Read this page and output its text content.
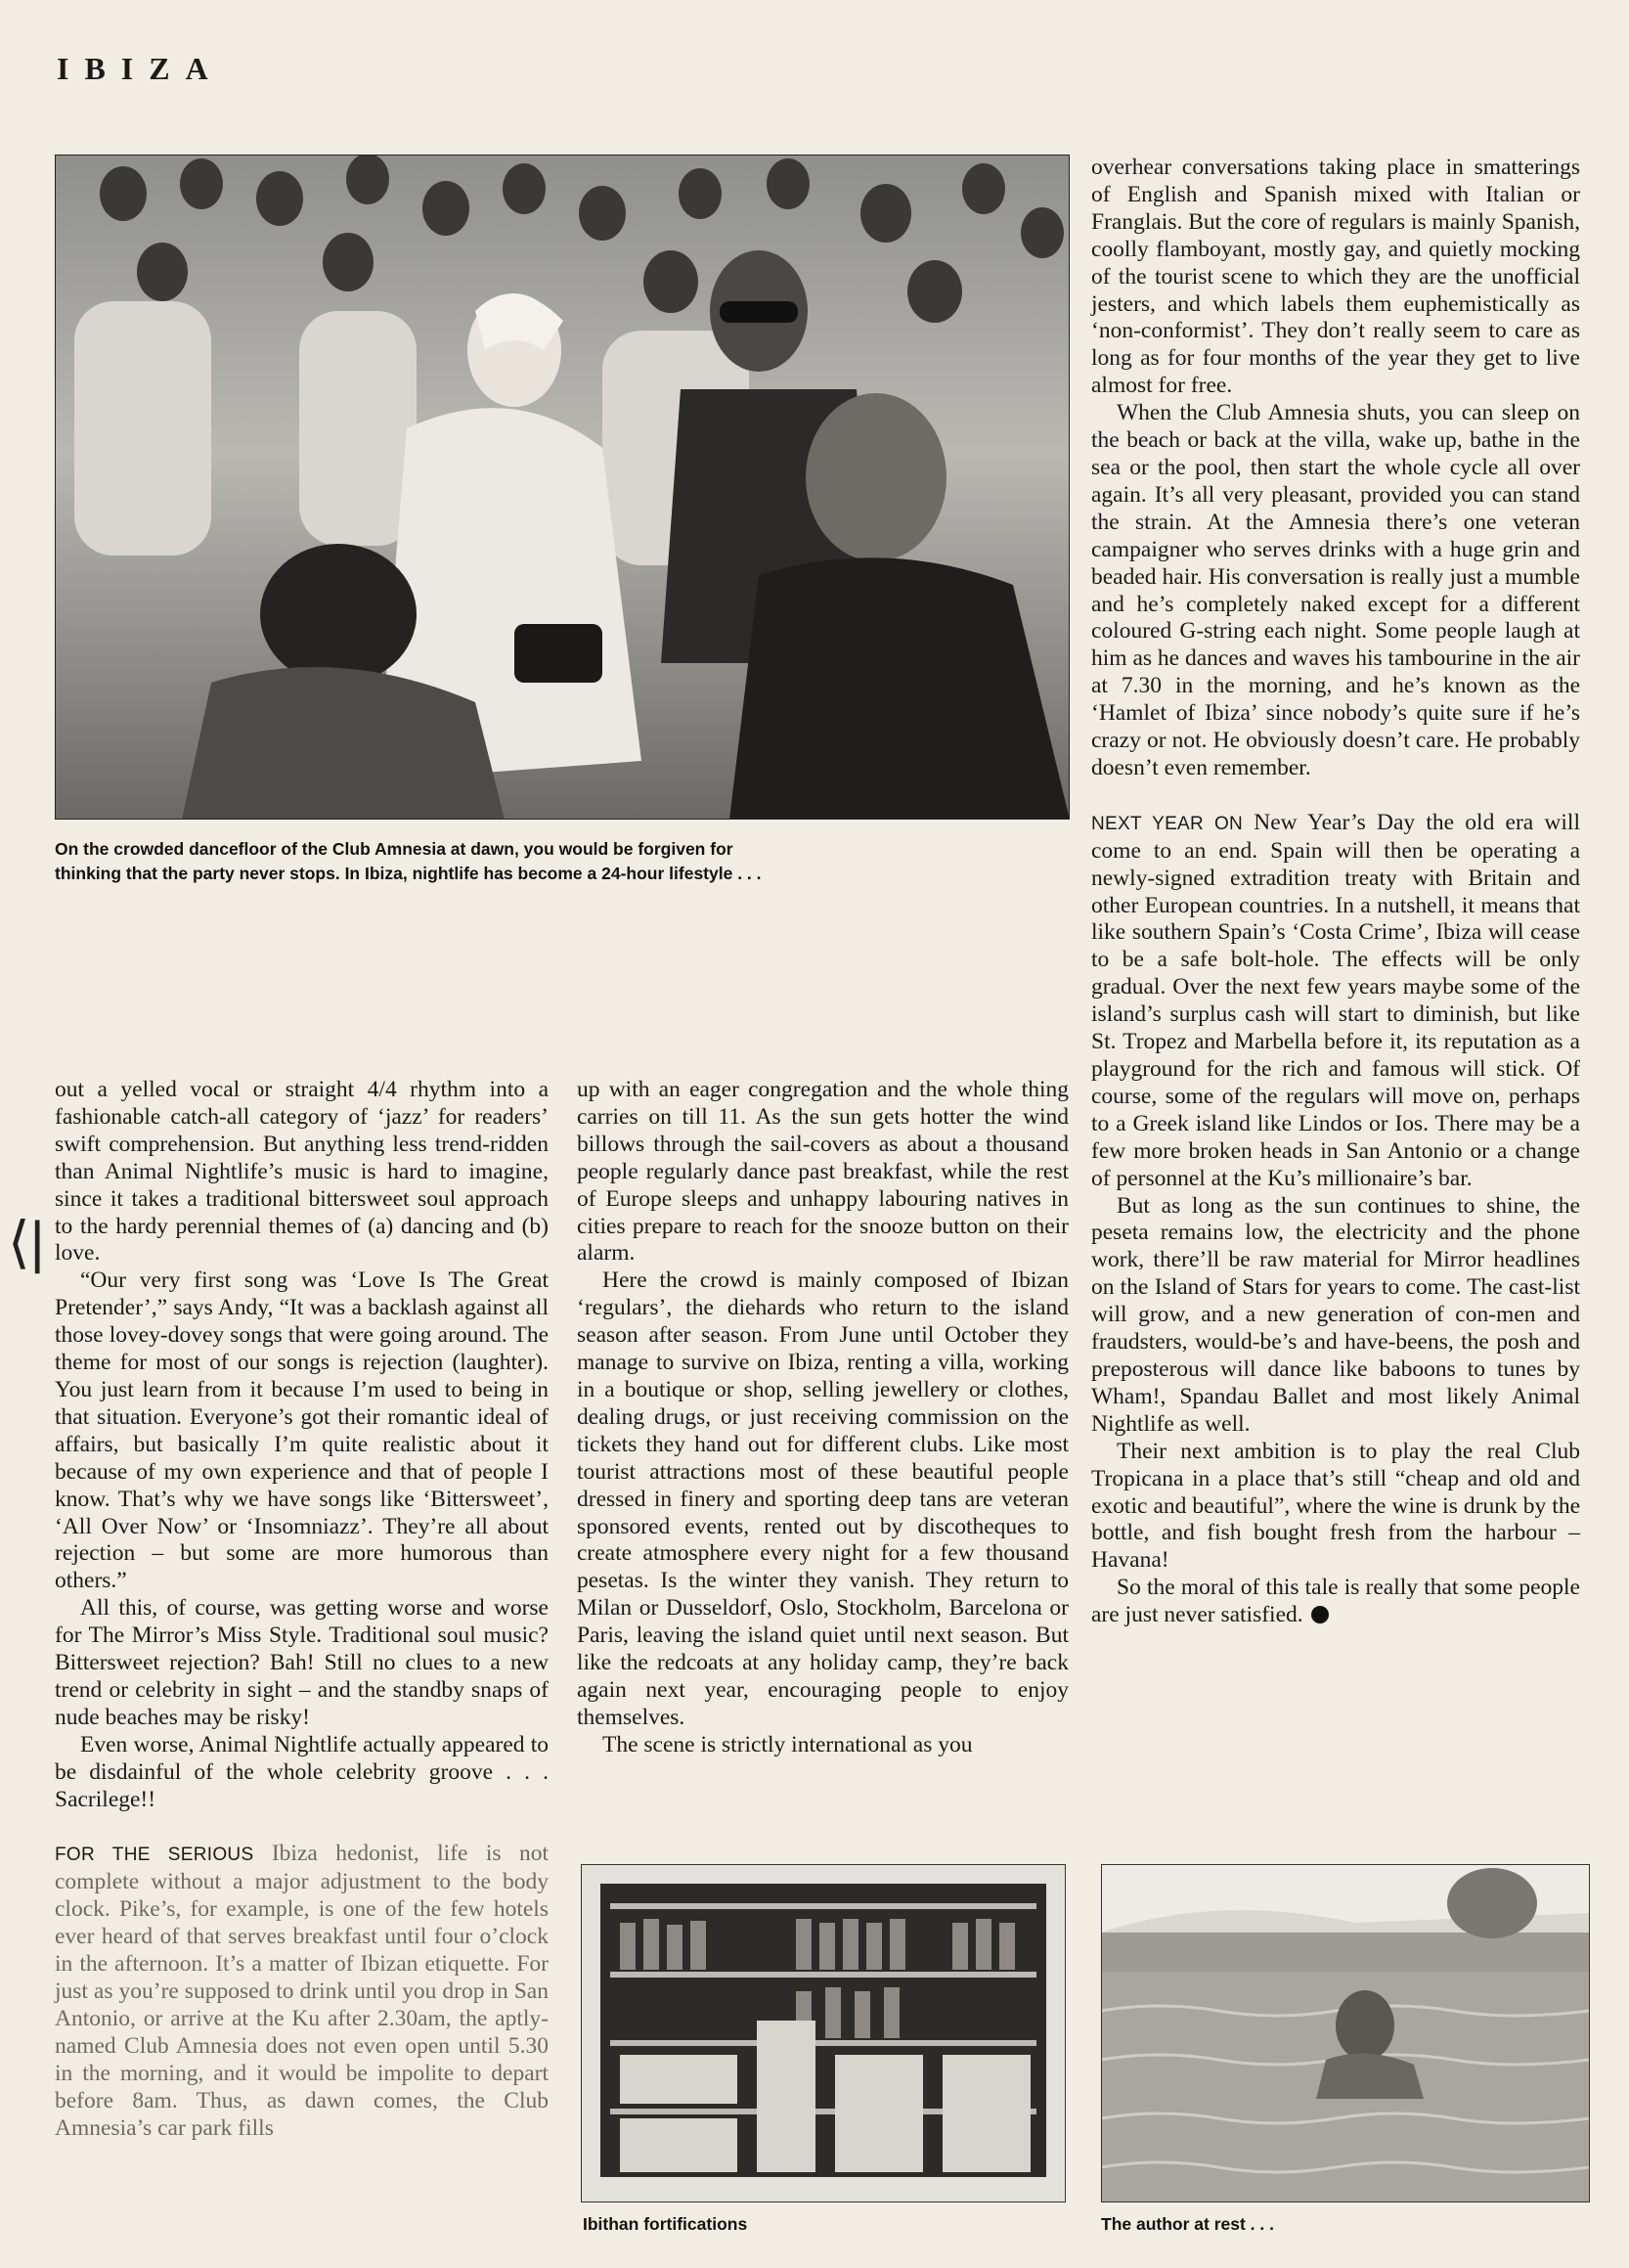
IBIZA
On the crowded dancefloor of the Club Amnesia at dawn, you would be forgiven for thinking that the party never stops. In Ibiza, nightlife has become a 24-hour lifestyle . . .
⟨|

out a yelled vocal or straight 4/4 rhythm into a fashionable catch-all category of ‘jazz’ for readers’ swift comprehension. But anything less trend-ridden than Animal Nightlife’s music is hard to imagine, since it takes a traditional bittersweet soul approach to the hardy perennial themes of (a) dancing and (b) love.

“Our very first song was ‘Love Is The Great Pretender’,” says Andy, “It was a backlash against all those lovey-dovey songs that were going around. The theme for most of our songs is rejection (laughter). You just learn from it because I’m used to being in that situation. Everyone’s got their romantic ideal of affairs, but basically I’m quite realistic about it because of my own experience and that of people I know. That’s why we have songs like ‘Bittersweet’, ‘All Over Now’ or ‘Insomniazz’. They’re all about rejection – but some are more humorous than others.”

All this, of course, was getting worse and worse for The Mirror’s Miss Style. Traditional soul music? Bittersweet rejection? Bah! Still no clues to a new trend or celebrity in sight – and the standby snaps of nude beaches may be risky!

Even worse, Animal Nightlife actually appeared to be disdainful of the whole celebrity groove . . . Sacrilege!!

FOR THE SERIOUS Ibiza hedonist, life is not complete without a major adjustment to the body clock. Pike’s, for example, is one of the few hotels ever heard of that serves breakfast until four o’clock in the afternoon. It’s a matter of Ibizan etiquette. For just as you’re supposed to drink until you drop in San Antonio, or arrive at the Ku after 2.30am, the aptly-named Club Amnesia does not even open until 5.30 in the morning, and it would be impolite to depart before 8am. Thus, as dawn comes, the Club Amnesia’s car park fills

up with an eager congregation and the whole thing carries on till 11. As the sun gets hotter the wind billows through the sail-covers as about a thousand people regularly dance past breakfast, while the rest of Europe sleeps and unhappy labouring natives in cities prepare to reach for the snooze button on their alarm.

Here the crowd is mainly composed of Ibizan ‘regulars’, the diehards who return to the island season after season. From June until October they manage to survive on Ibiza, renting a villa, working in a boutique or shop, selling jewellery or clothes, dealing drugs, or just receiving commission on the tickets they hand out for different clubs. Like most tourist attractions most of these beautiful people dressed in finery and sporting deep tans are veteran sponsored events, rented out by discotheques to create atmosphere every night for a few thousand pesetas. Is the winter they vanish. They return to Milan or Dusseldorf, Oslo, Stockholm, Barcelona or Paris, leaving the island quiet until next season. But like the redcoats at any holiday camp, they’re back again next year, encouraging people to enjoy themselves.

The scene is strictly international as you

overhear conversations taking place in smatterings of English and Spanish mixed with Italian or Franglais. But the core of regulars is mainly Spanish, coolly flamboyant, mostly gay, and quietly mocking of the tourist scene to which they are the unofficial jesters, and which labels them euphemistically as ‘non-conformist’. They don’t really seem to care as long as for four months of the year they get to live almost for free.

When the Club Amnesia shuts, you can sleep on the beach or back at the villa, wake up, bathe in the sea or the pool, then start the whole cycle all over again. It’s all very pleasant, provided you can stand the strain. At the Amnesia there’s one veteran campaigner who serves drinks with a huge grin and beaded hair. His conversation is really just a mumble and he’s completely naked except for a different coloured G-string each night. Some people laugh at him as he dances and waves his tambourine in the air at 7.30 in the morning, and he’s known as the ‘Hamlet of Ibiza’ since nobody’s quite sure if he’s crazy or not. He obviously doesn’t care. He probably doesn’t even remember.

NEXT YEAR ON New Year’s Day the old era will come to an end. Spain will then be operating a newly-signed extradition treaty with Britain and other European countries. In a nutshell, it means that like southern Spain’s ‘Costa Crime’, Ibiza will cease to be a safe bolt-hole. The effects will be only gradual. Over the next few years maybe some of the island’s surplus cash will start to diminish, but like St. Tropez and Marbella before it, its reputation as a playground for the rich and famous will stick. Of course, some of the regulars will move on, perhaps to a Greek island like Lindos or Ios. There may be a few more broken heads in San Antonio or a change of personnel at the Ku’s millionaire’s bar.

But as long as the sun continues to shine, the peseta remains low, the electricity and the phone work, there’ll be raw material for Mirror headlines on the Island of Stars for years to come. The cast-list will grow, and a new generation of con-men and fraudsters, would-be’s and have-beens, the posh and preposterous will dance like baboons to tunes by Wham!, Spandau Ballet and most likely Animal Nightlife as well.

Their next ambition is to play the real Club Tropicana in a place that’s still “cheap and old and exotic and beautiful”, where the wine is drunk by the bottle, and fish bought fresh from the harbour – Havana!

So the moral of this tale is really that some people are just never satisfied.

Ibithan fortifications	The author at rest . . .
